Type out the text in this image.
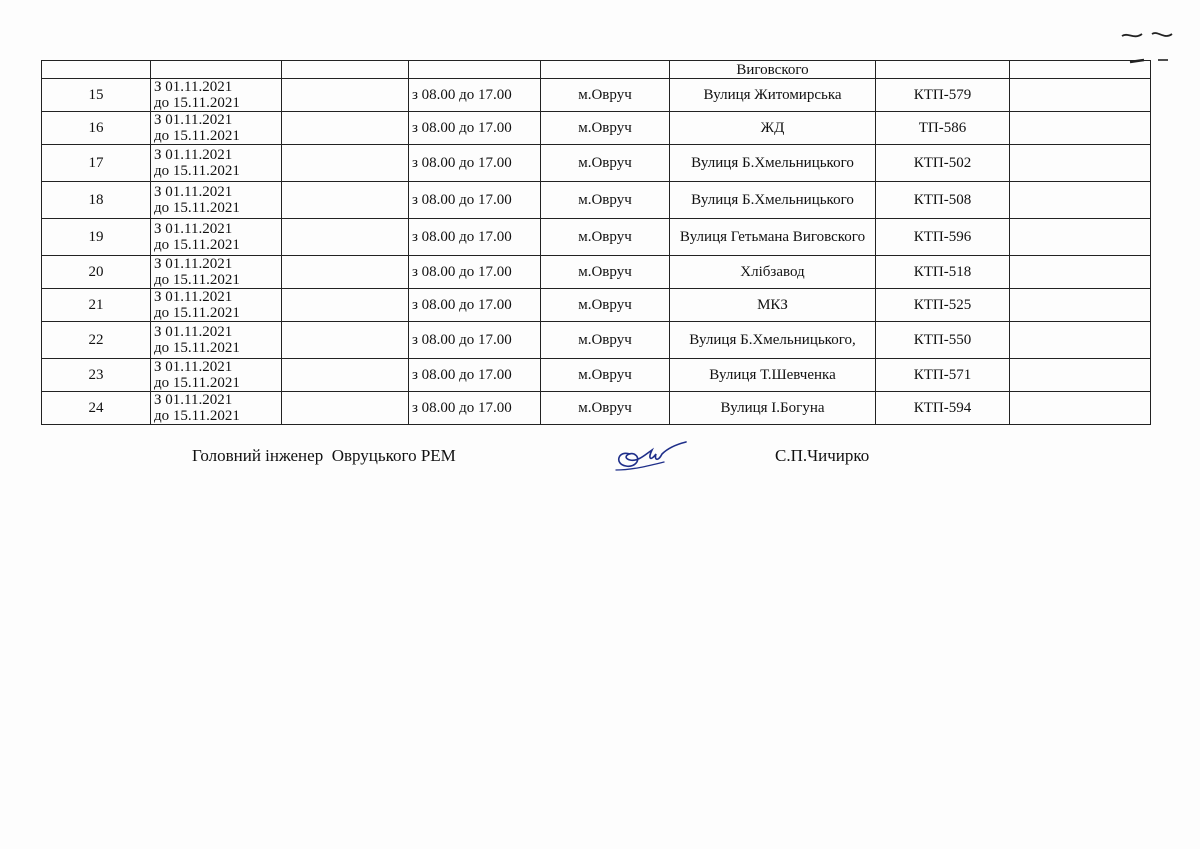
					Виговского		
15	З 01.11.2021
до 15.11.2021		з 08.00 до 17.00	м.Овруч	Вулиця Житомирська	КТП-579	
16	З 01.11.2021
до 15.11.2021		з 08.00 до 17.00	м.Овруч	ЖД	ТП-586	
17	З 01.11.2021
до 15.11.2021		з 08.00 до 17.00	м.Овруч	Вулиця Б.Хмельницького	КТП-502	
18	З 01.11.2021
до 15.11.2021		з 08.00 до 17.00	м.Овруч	Вулиця Б.Хмельницького	КТП-508	
19	З 01.11.2021
до 15.11.2021		з 08.00 до 17.00	м.Овруч	Вулиця Гетьмана Виговского	КТП-596	
20	З 01.11.2021
до 15.11.2021		з 08.00 до 17.00	м.Овруч	Хлібзавод	КТП-518	
21	З 01.11.2021
до 15.11.2021		з 08.00 до 17.00	м.Овруч	МКЗ	КТП-525	
22	З 01.11.2021
до 15.11.2021		з 08.00 до 17.00	м.Овруч	Вулиця Б.Хмельницького,	КТП-550	
23	З 01.11.2021
до 15.11.2021		з 08.00 до 17.00	м.Овруч	Вулиця Т.Шевченка	КТП-571	
24	З 01.11.2021
до 15.11.2021		з 08.00 до 17.00	м.Овруч	Вулиця І.Богуна	КТП-594	
Головний інженер  Овруцького РЕМ	С.П.Чичирко
